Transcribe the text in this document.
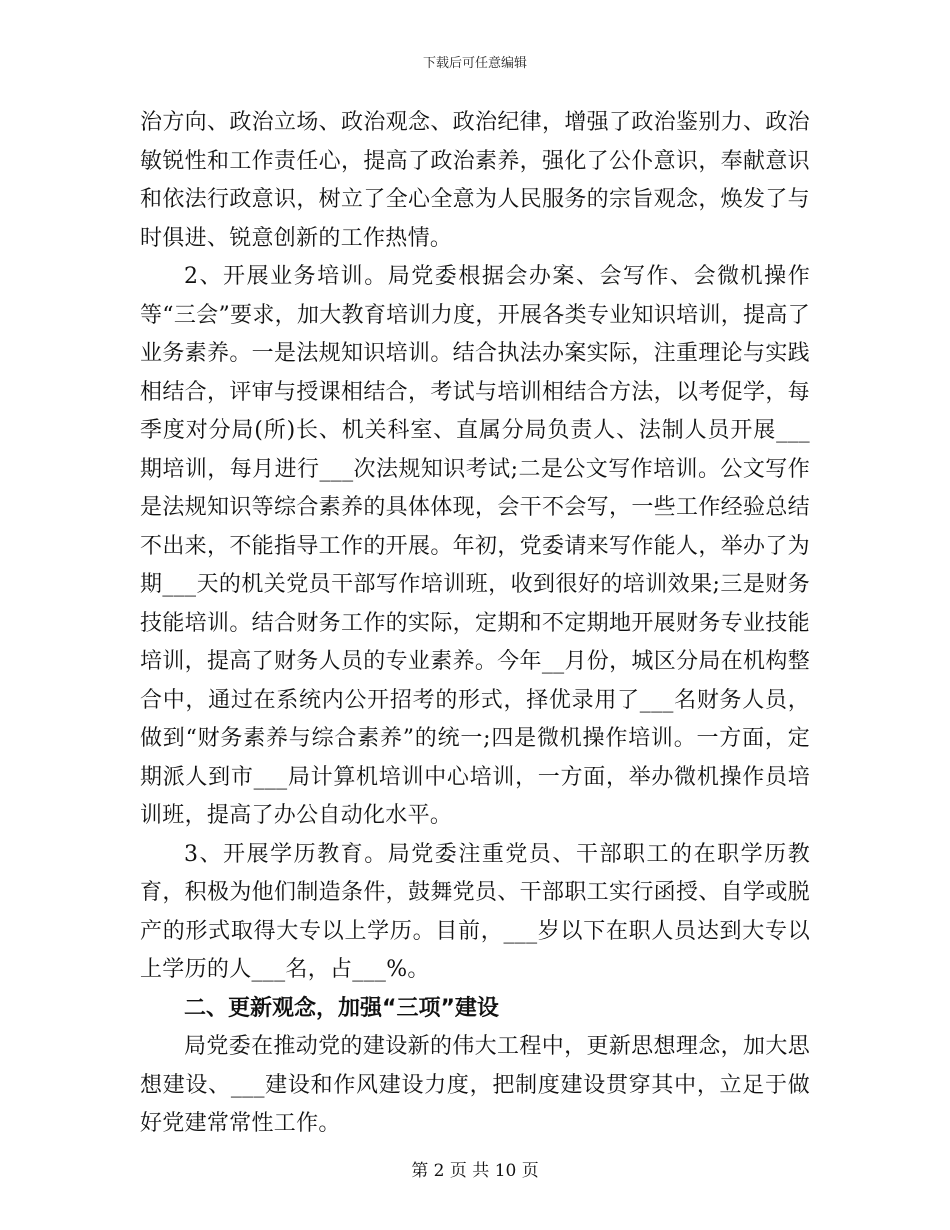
下载后可任意编辑

治方向、政治立场、政治观念、政治纪律，增强了政治鉴别力、政治敏锐性和工作责任心，提高了政治素养，强化了公仆意识，奉献意识和依法行政意识，树立了全心全意为人民服务的宗旨观念，焕发了与时俱进、锐意创新的工作热情。

2、开展业务培训。局党委根据会办案、会写作、会微机操作等“三会”要求，加大教育培训力度，开展各类专业知识培训，提高了业务素养。一是法规知识培训。结合执法办案实际，注重理论与实践相结合，评审与授课相结合，考试与培训相结合方法，以考促学，每季度对分局(所)长、机关科室、直属分局负责人、法制人员开展___期培训，每月进行___次法规知识考试;二是公文写作培训。公文写作是法规知识等综合素养的具体体现，会干不会写，一些工作经验总结不出来，不能指导工作的开展。年初，党委请来写作能人，举办了为期___天的机关党员干部写作培训班，收到很好的培训效果;三是财务技能培训。结合财务工作的实际，定期和不定期地开展财务专业技能培训，提高了财务人员的专业素养。今年__月份，城区分局在机构整合中，通过在系统内公开招考的形式，择优录用了___名财务人员，做到“财务素养与综合素养”的统一;四是微机操作培训。一方面，定期派人到市___局计算机培训中心培训，一方面，举办微机操作员培训班，提高了办公自动化水平。

3、开展学历教育。局党委注重党员、干部职工的在职学历教育，积极为他们制造条件，鼓舞党员、干部职工实行函授、自学或脱产的形式取得大专以上学历。目前，___岁以下在职人员达到大专以上学历的人___名，占___%。

二、更新观念，加强“三项”建设

局党委在推动党的建设新的伟大工程中，更新思想理念，加大思想建设、___建设和作风建设力度，把制度建设贯穿其中，立足于做好党建常常性工作。

第 2 页 共 10 页
